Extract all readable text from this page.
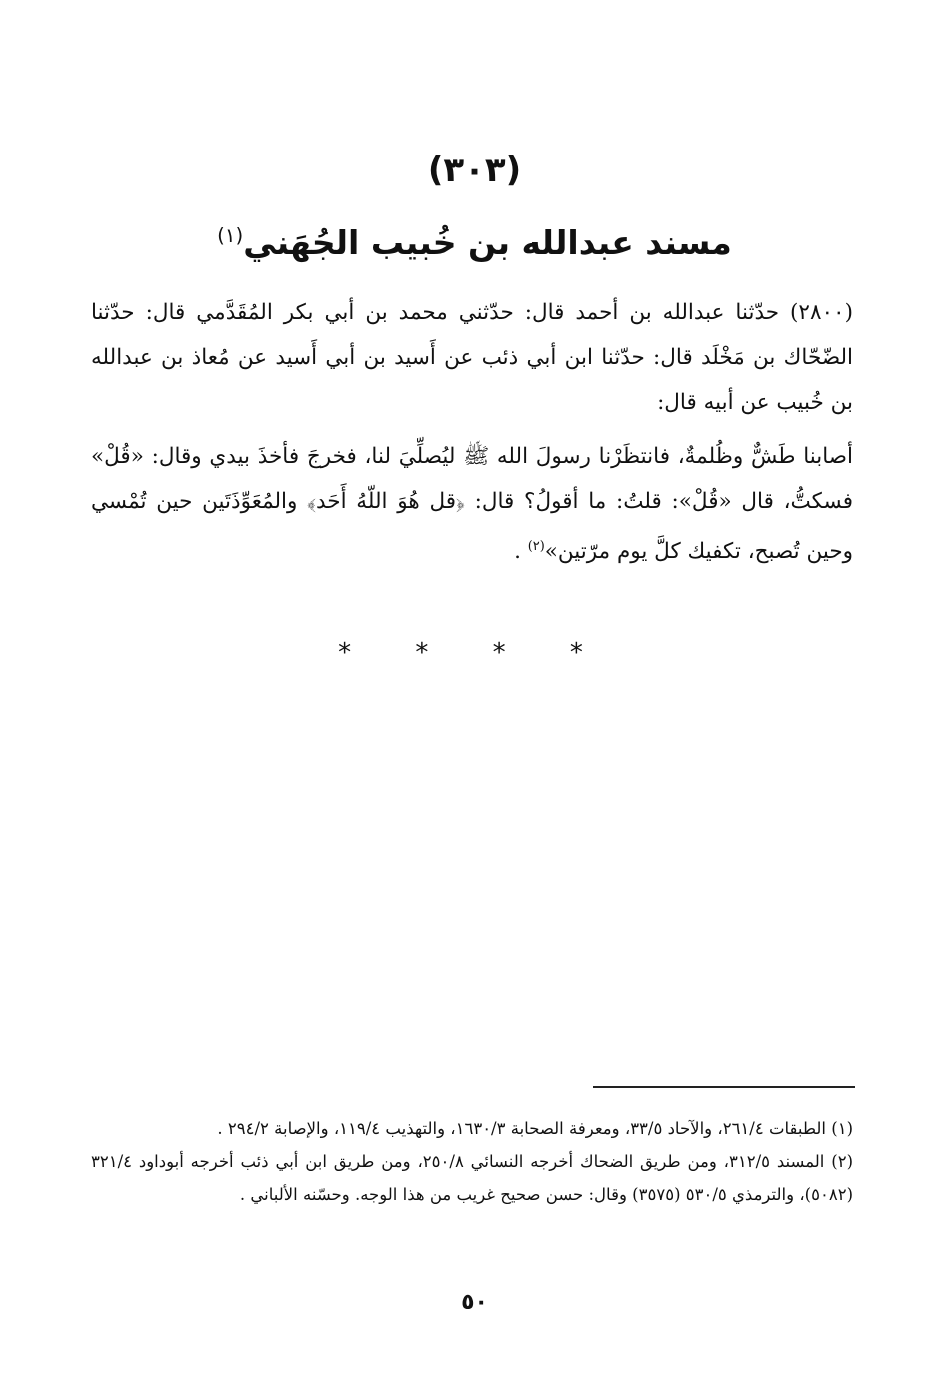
(٣٠٣)
مسند عبدالله بن خُبيب الجُهَني$^{(١)}$

(٢٨٠٠) حدّثنا عبدالله بن أحمد قال: حدّثني محمد بن أبي بكر المُقَدَّمي قال: حدّثنا الضّحّاك بن مَخْلَد قال: حدّثنا ابن أبي ذئب عن أَسيد بن أبي أَسيد عن مُعاذ بن عبدالله بن خُبيب عن أبيه قال:

أصابنا طَشٌّ وظُلمةٌ، فانتظَرْنا رسولَ الله ﷺ ليُصلِّيَ لنا، فخرجَ فأخذَ بيدي وقال: «قُلْ» فسكتُّ، قال «قُلْ»: قلتُ: ما أقولُ؟ قال: ﴿قل هُوَ اللّهُ أَحَد﴾ والمُعَوِّذَتَين حين تُمْسي وحين تُصبح، تكفيك كلَّ يوم مرّتين»$^{(٢)}$ .

* * * *

(١) الطبقات ٢٦١/٤، والآحاد ٣٣/٥، ومعرفة الصحابة ١٦٣٠/٣، والتهذيب ١١٩/٤، والإصابة ٢٩٤/٢ .

(٢) المسند ٣١٢/٥، ومن طريق الضحاك أخرجه النسائي ٢٥٠/٨، ومن طريق ابن أبي ذئب أخرجه أبوداود ٣٢١/٤ (٥٠٨٢)، والترمذي ٥٣٠/٥ (٣٥٧٥) وقال: حسن صحيح غريب من هذا الوجه. وحسّنه الألباني .

٥٠
